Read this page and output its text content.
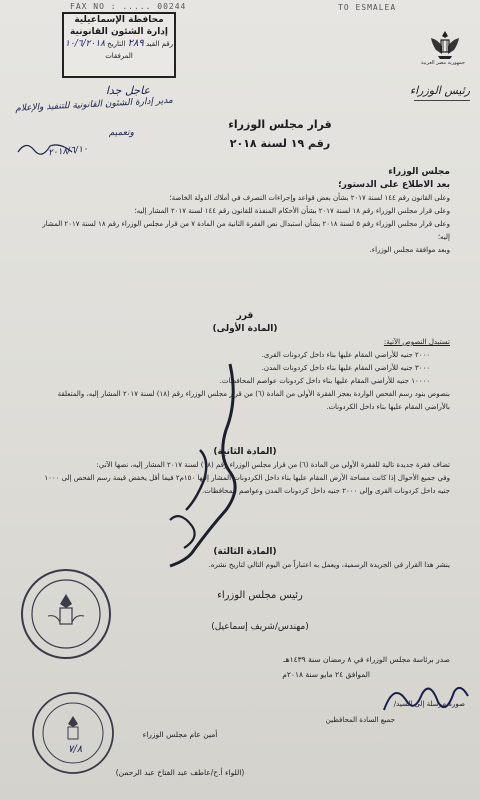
FAX NO : ..... 00244	TO ESMALEA
محافظة الإسماعيلية
إدارة الشئون القانونية
رقم القيد ٢٨٩ التاريخ ١٠/٦/٢٠١٨
المرفقات
جمهورية مصر العربية
رئيس الوزراء
عاجل جدا
مدير إدارة الشئون القانونية للتنفيذ والإعلام
وتعميم
٢٠١٨/٦/١٠
قرار مجلس الوزراء
رقم ١٩ لسنة ٢٠١٨
مجلس الوزراء
بعد الاطلاع على الدستور؛
وعلى القانون رقم ١٤٤ لسنة ٢٠١٧ بشأن بعض قواعد وإجراءات التصرف في أملاك الدولة الخاصة؛
وعلى قرار مجلس الوزراء رقم ١٨ لسنة ٢٠١٧ بشأن الأحكام المنفذة للقانون رقم ١٤٤ لسنة ٢٠١٧ المشار إليه؛
وعلى قرار مجلس الوزراء رقم ٥ لسنة ٢٠١٨ بشأن استبدال نص الفقرة الثانية من المادة ٧ من قرار مجلس الوزراء رقم ١٨ لسنة ٢٠١٧ المشار إليه؛
وبعد موافقة مجلس الوزراء.
قرر
(المادة الأولى)
تستبدل النصوص الآتية:
٢٠٠٠ جنيه للأراضي المقام عليها بناء داخل كردونات القرى.
٣٠٠٠ جنيه للأراضي المقام عليها بناء داخل كردونات المدن.
١٠٠٠٠ جنيه للأراضي المقام عليها بناء داخل كردونات عواصم المحافظات.
بنصوص بنود رسم الفحص الواردة بعجز الفقرة الأولى من المادة (٦) من قرار مجلس الوزراء رقم (١٨) لسنة ٢٠١٧ المشار إليه، والمتعلقة بالأراضي المقام عليها بناء داخل الكردونات.
(المادة الثانية)
تضاف فقرة جديدة تالية للفقرة الأولى من المادة (٦) من قرار مجلس الوزراء رقم (١٨) لسنة ٢٠١٧ المشار إليه، نصها الآتي:
وفي جميع الأحوال إذا كانت مساحة الأرض المقام عليها بناء داخل الكردونات المشار إليها ١٥٠م٢ فيما أقل يخفض قيمة رسم الفحص إلى ١٠٠٠ جنيه داخل كردونات القرى وإلى ٢٠٠٠ جنيه داخل كردونات المدن وعواصم المحافظات.
(المادة الثالثة)
ينشر هذا القرار في الجريدة الرسمية، ويعمل به اعتباراً من اليوم التالي لتاريخ نشره.
رئيس مجلس الوزراء
(مهندس/شريف إسماعيل)
صدر برئاسة مجلس الوزراء في ٨ رمضان سنة ١٤٣٩هـ
الموافق ٢٤ مايو سنة ٢٠١٨م
صورة مرسلة إلى السيد/
جميع السادة المحافظين
أمين عام مجلس الوزراء
(اللواء أ.ح/عاطف عبد الفتاح عبد الرحمن)
٧/٨
